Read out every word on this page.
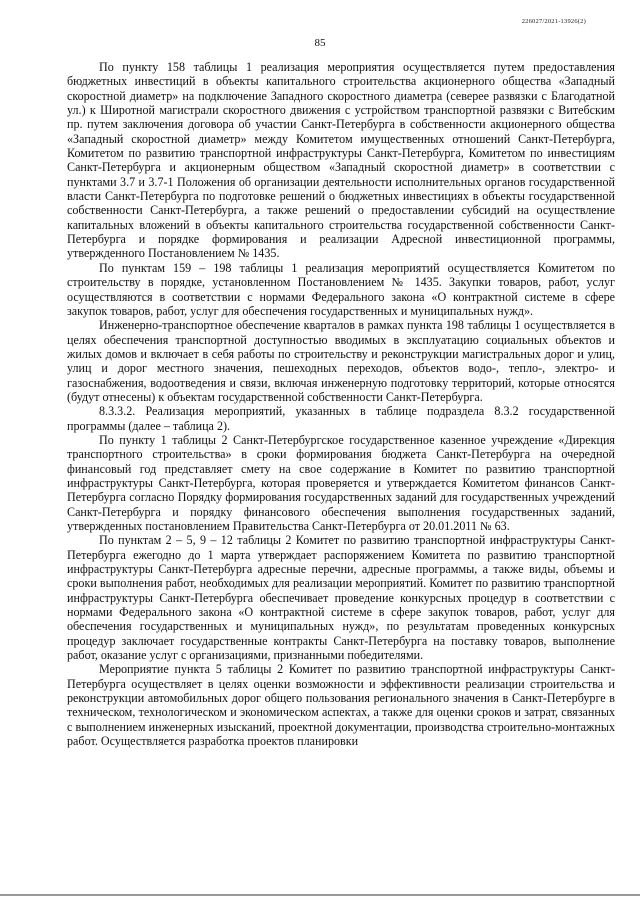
226027/2021-13926(2)
85

По пункту 158 таблицы 1 реализация мероприятия осуществляется путем предоставления бюджетных инвестиций в объекты капитального строительства акционерного общества «Западный скоростной диаметр» на подключение Западного скоростного диаметра (северее развязки с Благодатной ул.) к Широтной магистрали скоростного движения с устройством транспортной развязки с Витебским пр. путем заключения договора об участии Санкт-Петербурга в собственности акционерного общества «Западный скоростной диаметр» между Комитетом имущественных отношений Санкт-Петербурга, Комитетом по развитию транспортной инфраструктуры Санкт-Петербурга, Комитетом по инвестициям Санкт-Петербурга и акционерным обществом «Западный скоростной диаметр» в соответствии с пунктами 3.7 и 3.7-1 Положения об организации деятельности исполнительных органов государственной власти Санкт-Петербурга по подготовке решений о бюджетных инвестициях в объекты государственной собственности Санкт-Петербурга, а также решений о предоставлении субсидий на осуществление капитальных вложений в объекты капитального строительства государственной собственности Санкт-Петербурга и порядке формирования и реализации Адресной инвестиционной программы, утвержденного Постановлением № 1435.

По пунктам 159 – 198 таблицы 1 реализация мероприятий осуществляется Комитетом по строительству в порядке, установленном Постановлением № 1435. Закупки товаров, работ, услуг осуществляются в соответствии с нормами Федерального закона «О контрактной системе в сфере закупок товаров, работ, услуг для обеспечения государственных и муниципальных нужд».

Инженерно-транспортное обеспечение кварталов в рамках пункта 198 таблицы 1 осуществляется в целях обеспечения транспортной доступностью вводимых в эксплуатацию социальных объектов и жилых домов и включает в себя работы по строительству и реконструкции магистральных дорог и улиц, улиц и дорог местного значения, пешеходных переходов, объектов водо-, тепло-, электро- и газоснабжения, водоотведения и связи, включая инженерную подготовку территорий, которые относятся (будут отнесены) к объектам государственной собственности Санкт-Петербурга.

8.3.3.2. Реализация мероприятий, указанных в таблице подраздела 8.3.2 государственной программы (далее – таблица 2).

По пункту 1 таблицы 2 Санкт-Петербургское государственное казенное учреждение «Дирекция транспортного строительства» в сроки формирования бюджета Санкт-Петербурга на очередной финансовый год представляет смету на свое содержание в Комитет по развитию транспортной инфраструктуры Санкт-Петербурга, которая проверяется и утверждается Комитетом финансов Санкт-Петербурга согласно Порядку формирования государственных заданий для государственных учреждений Санкт-Петербурга и порядку финансового обеспечения выполнения государственных заданий, утвержденных постановлением Правительства Санкт-Петербурга от 20.01.2011 № 63.

По пунктам 2 – 5, 9 – 12 таблицы 2 Комитет по развитию транспортной инфраструктуры Санкт-Петербурга ежегодно до 1 марта утверждает распоряжением Комитета по развитию транспортной инфраструктуры Санкт-Петербурга адресные перечни, адресные программы, а также виды, объемы и сроки выполнения работ, необходимых для реализации мероприятий. Комитет по развитию транспортной инфраструктуры Санкт-Петербурга обеспечивает проведение конкурсных процедур в соответствии с нормами Федерального закона «О контрактной системе в сфере закупок товаров, работ, услуг для обеспечения государственных и муниципальных нужд», по результатам проведенных конкурсных процедур заключает государственные контракты Санкт-Петербурга на поставку товаров, выполнение работ, оказание услуг с организациями, признанными победителями.

Мероприятие пункта 5 таблицы 2 Комитет по развитию транспортной инфраструктуры Санкт-Петербурга осуществляет в целях оценки возможности и эффективности реализации строительства и реконструкции автомобильных дорог общего пользования регионального значения в Санкт-Петербурге в техническом, технологическом и экономическом аспектах, а также для оценки сроков и затрат, связанных с выполнением инженерных изысканий, проектной документации, производства строительно-монтажных работ. Осуществляется разработка проектов планировки
